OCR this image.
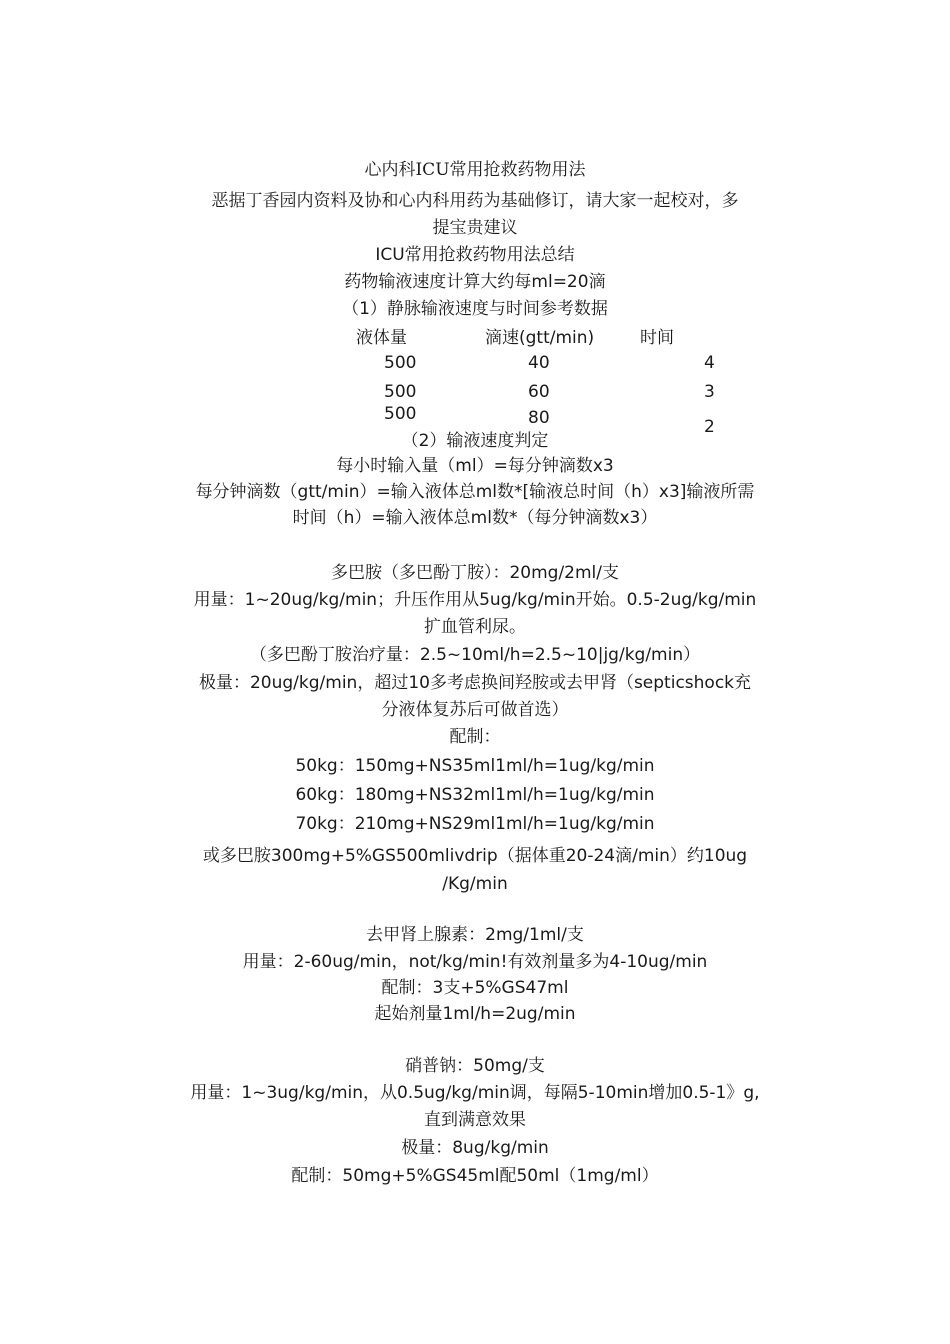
心内科ICU常用抢救药物用法
恶据丁香园内资料及协和心内科用药为基础修订，请大家一起校对，多
提宝贵建议
ICU常用抢救药物用法总结
药物输液速度计算大约每ml=20滴
（1）静脉输液速度与时间参考数据
液体量	滴速(gtt/min)	时间
500	40	4
500	60	3
500	80	2
（2）输液速度判定
每小时输入量（ml）=每分钟滴数x3
每分钟滴数（gtt/min）=输入液体总ml数*[输液总时间（h）x3]输液所需
时间（h）=输入液体总ml数*（每分钟滴数x3）
多巴胺（多巴酚丁胺）：20mg/2ml/支
用量：1~20ug/kg/min；升压作用从5ug/kg/min开始。0.5-2ug/kg/min
扩血管利尿。
（多巴酚丁胺治疗量：2.5~10ml/h=2.5~10|jg/kg/min）
极量：20ug/kg/min，超过10多考虑换间羟胺或去甲肾（septicshock充
分液体复苏后可做首选）
配制：
50kg：150mg+NS35ml1ml/h=1ug/kg/min
60kg：180mg+NS32ml1ml/h=1ug/kg/min
70kg：210mg+NS29ml1ml/h=1ug/kg/min
或多巴胺300mg+5%GS500mlivdrip（据体重20-24滴/min）约10ug
/Kg/min
去甲肾上腺素：2mg/1ml/支
用量：2-60ug/min，not/kg/min!有效剂量多为4-10ug/min
配制：3支+5%GS47ml
起始剂量1ml/h=2ug/min
硝普钠：50mg/支
用量：1~3ug/kg/min，从0.5ug/kg/min调，每隔5-10min增加0.5-1》g,
直到满意效果
极量：8ug/kg/min
配制：50mg+5%GS45ml配50ml（1mg/ml）
